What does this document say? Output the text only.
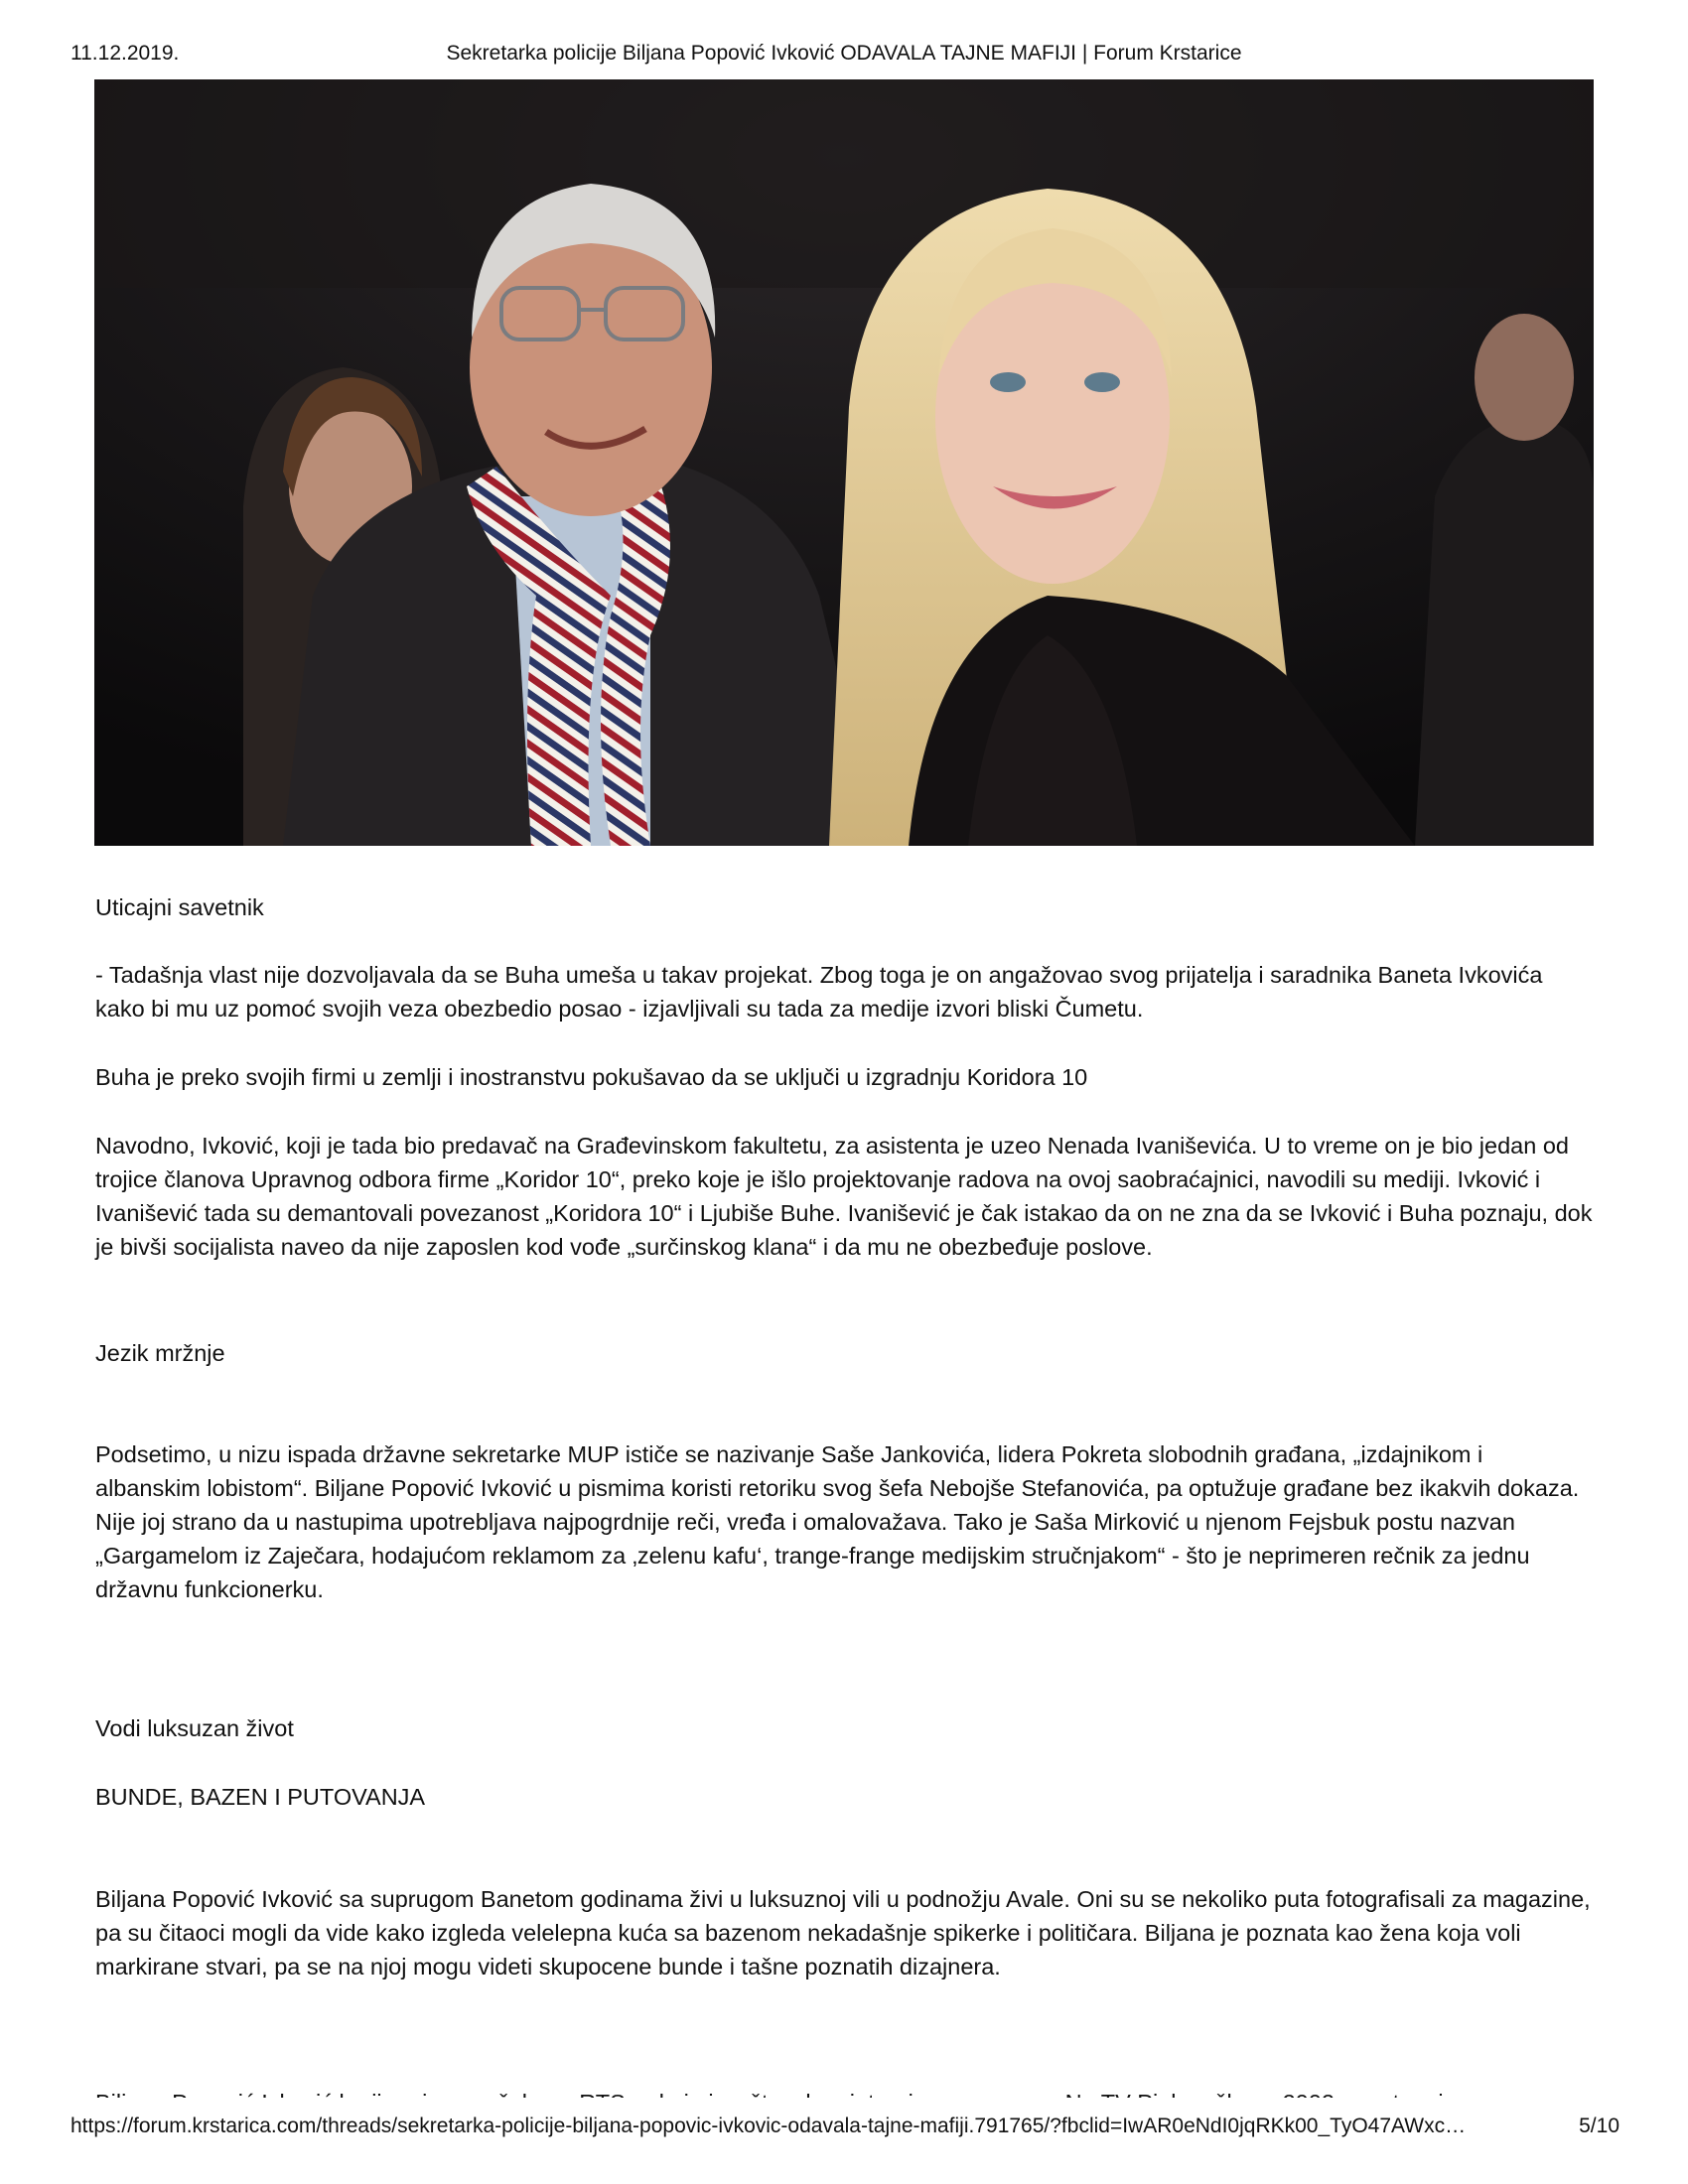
11.12.2019.	Sekretarka policije Biljana Popović Ivković ODAVALA TAJNE MAFIJI | Forum Krstarice

Uticajni savetnik

- Tadašnja vlast nije dozvoljavala da se Buha umeša u takav projekat. Zbog toga je on angažovao svog prijatelja i saradnika Baneta Ivkovića kako bi mu uz pomoć svojih veza obezbedio posao - izjavljivali su tada za medije izvori bliski Čumetu.

Buha je preko svojih firmi u zemlji i inostranstvu pokušavao da se uključi u izgradnju Koridora 10

Navodno, Ivković, koji je tada bio predavač na Građevinskom fakultetu, za asistenta je uzeo Nenada Ivaniševića. U to vreme on je bio jedan od trojice članova Upravnog odbora firme „Koridor 10“, preko koje je išlo projektovanje radova na ovoj saobraćajnici, navodili su mediji. Ivković i Ivanišević tada su demantovali povezanost „Koridora 10“ i Ljubiše Buhe. Ivanišević je čak istakao da on ne zna da se Ivković i Buha poznaju, dok je bivši socijalista naveo da nije zaposlen kod vođe „surčinskog klana“ i da mu ne obezbeđuje poslove.

Jezik mržnje

Podsetimo, u nizu ispada državne sekretarke MUP ističe se nazivanje Saše Jankovića, lidera Pokreta slobodnih građana, „izdajnikom i albanskim lobistom“. Biljane Popović Ivković u pismima koristi retoriku svog šefa Nebojše Stefanovića, pa optužuje građane bez ikakvih dokaza. Nije joj strano da u nastupima upotrebljava najpogrdnije reči, vređa i omalovažava. Tako je Saša Mirković u njenom Fejsbuk postu nazvan „Gargamelom iz Zaječara, hodajućom reklamom za ‚zelenu kafu‘, trange-frange medijskim stručnjakom“ - što je neprimeren rečnik za jednu državnu funkcionerku.

Vodi luksuzan život

BUNDE, BAZEN I PUTOVANJA

Biljana Popović Ivković sa suprugom Banetom godinama živi u luksuznoj vili u podnožju Avale. Oni su se nekoliko puta fotografisali za magazine, pa su čitaoci mogli da vide kako izgleda velelepna kuća sa bazenom nekadašnje spikerke i političara. Biljana je poznata kao žena koja voli markirane stvari, pa se na njoj mogu videti skupocene bunde i tašne poznatih dizajnera.

https://forum.krstarica.com/threads/sekretarka-policije-biljana-popovic-ivkovic-odavala-tajne-mafiji.791765/?fbclid=IwAR0eNdI0jqRKk00_TyO47AWxc…	5/10
